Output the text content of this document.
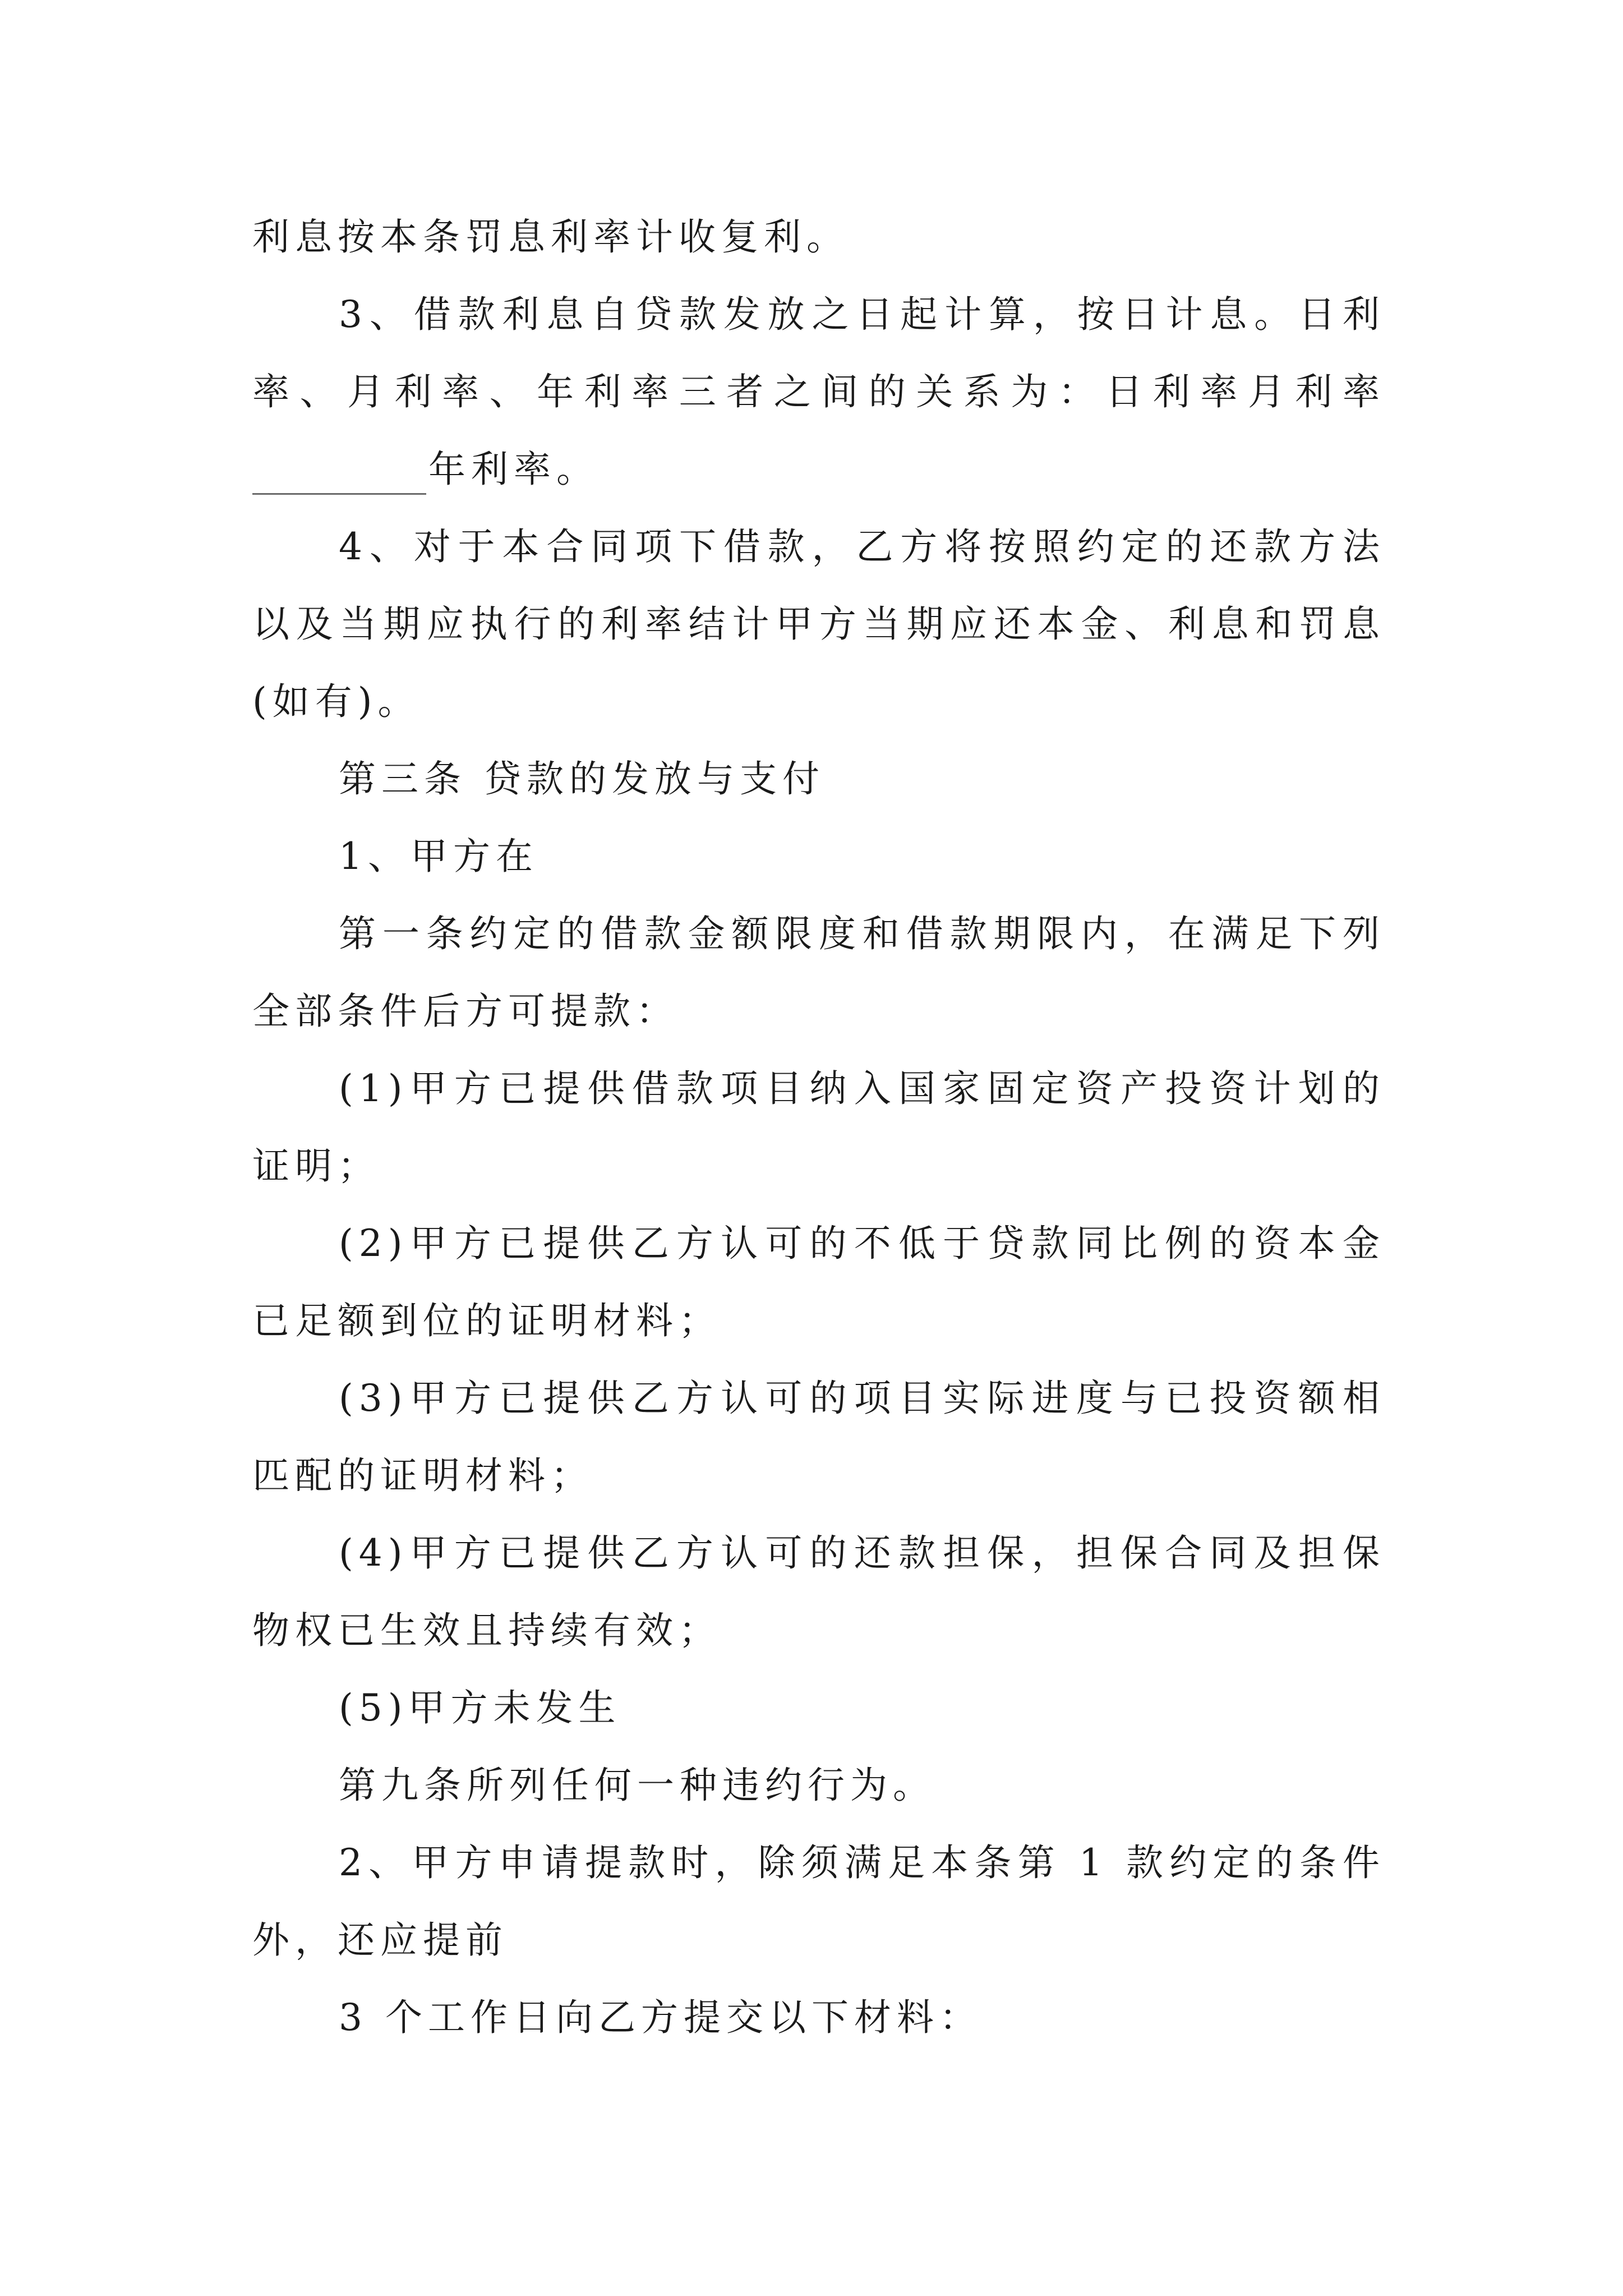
利息按本条罚息利率计收复利。
3、借款利息自贷款发放之日起计算，按日计息。日利
率、月利率、年利率三者之间的关系为：日利率月利率
年利率。
4、对于本合同项下借款，乙方将按照约定的还款方法
以及当期应执行的利率结计甲方当期应还本金、利息和罚息
(如有)。
第三条 贷款的发放与支付
1、甲方在
第一条约定的借款金额限度和借款期限内，在满足下列
全部条件后方可提款：
(1)甲方已提供借款项目纳入国家固定资产投资计划的
证明；
(2)甲方已提供乙方认可的不低于贷款同比例的资本金
已足额到位的证明材料；
(3)甲方已提供乙方认可的项目实际进度与已投资额相
匹配的证明材料；
(4)甲方已提供乙方认可的还款担保，担保合同及担保
物权已生效且持续有效；
(5)甲方未发生
第九条所列任何一种违约行为。
2、甲方申请提款时，除须满足本条第 1 款约定的条件
外，还应提前
3 个工作日向乙方提交以下材料：
